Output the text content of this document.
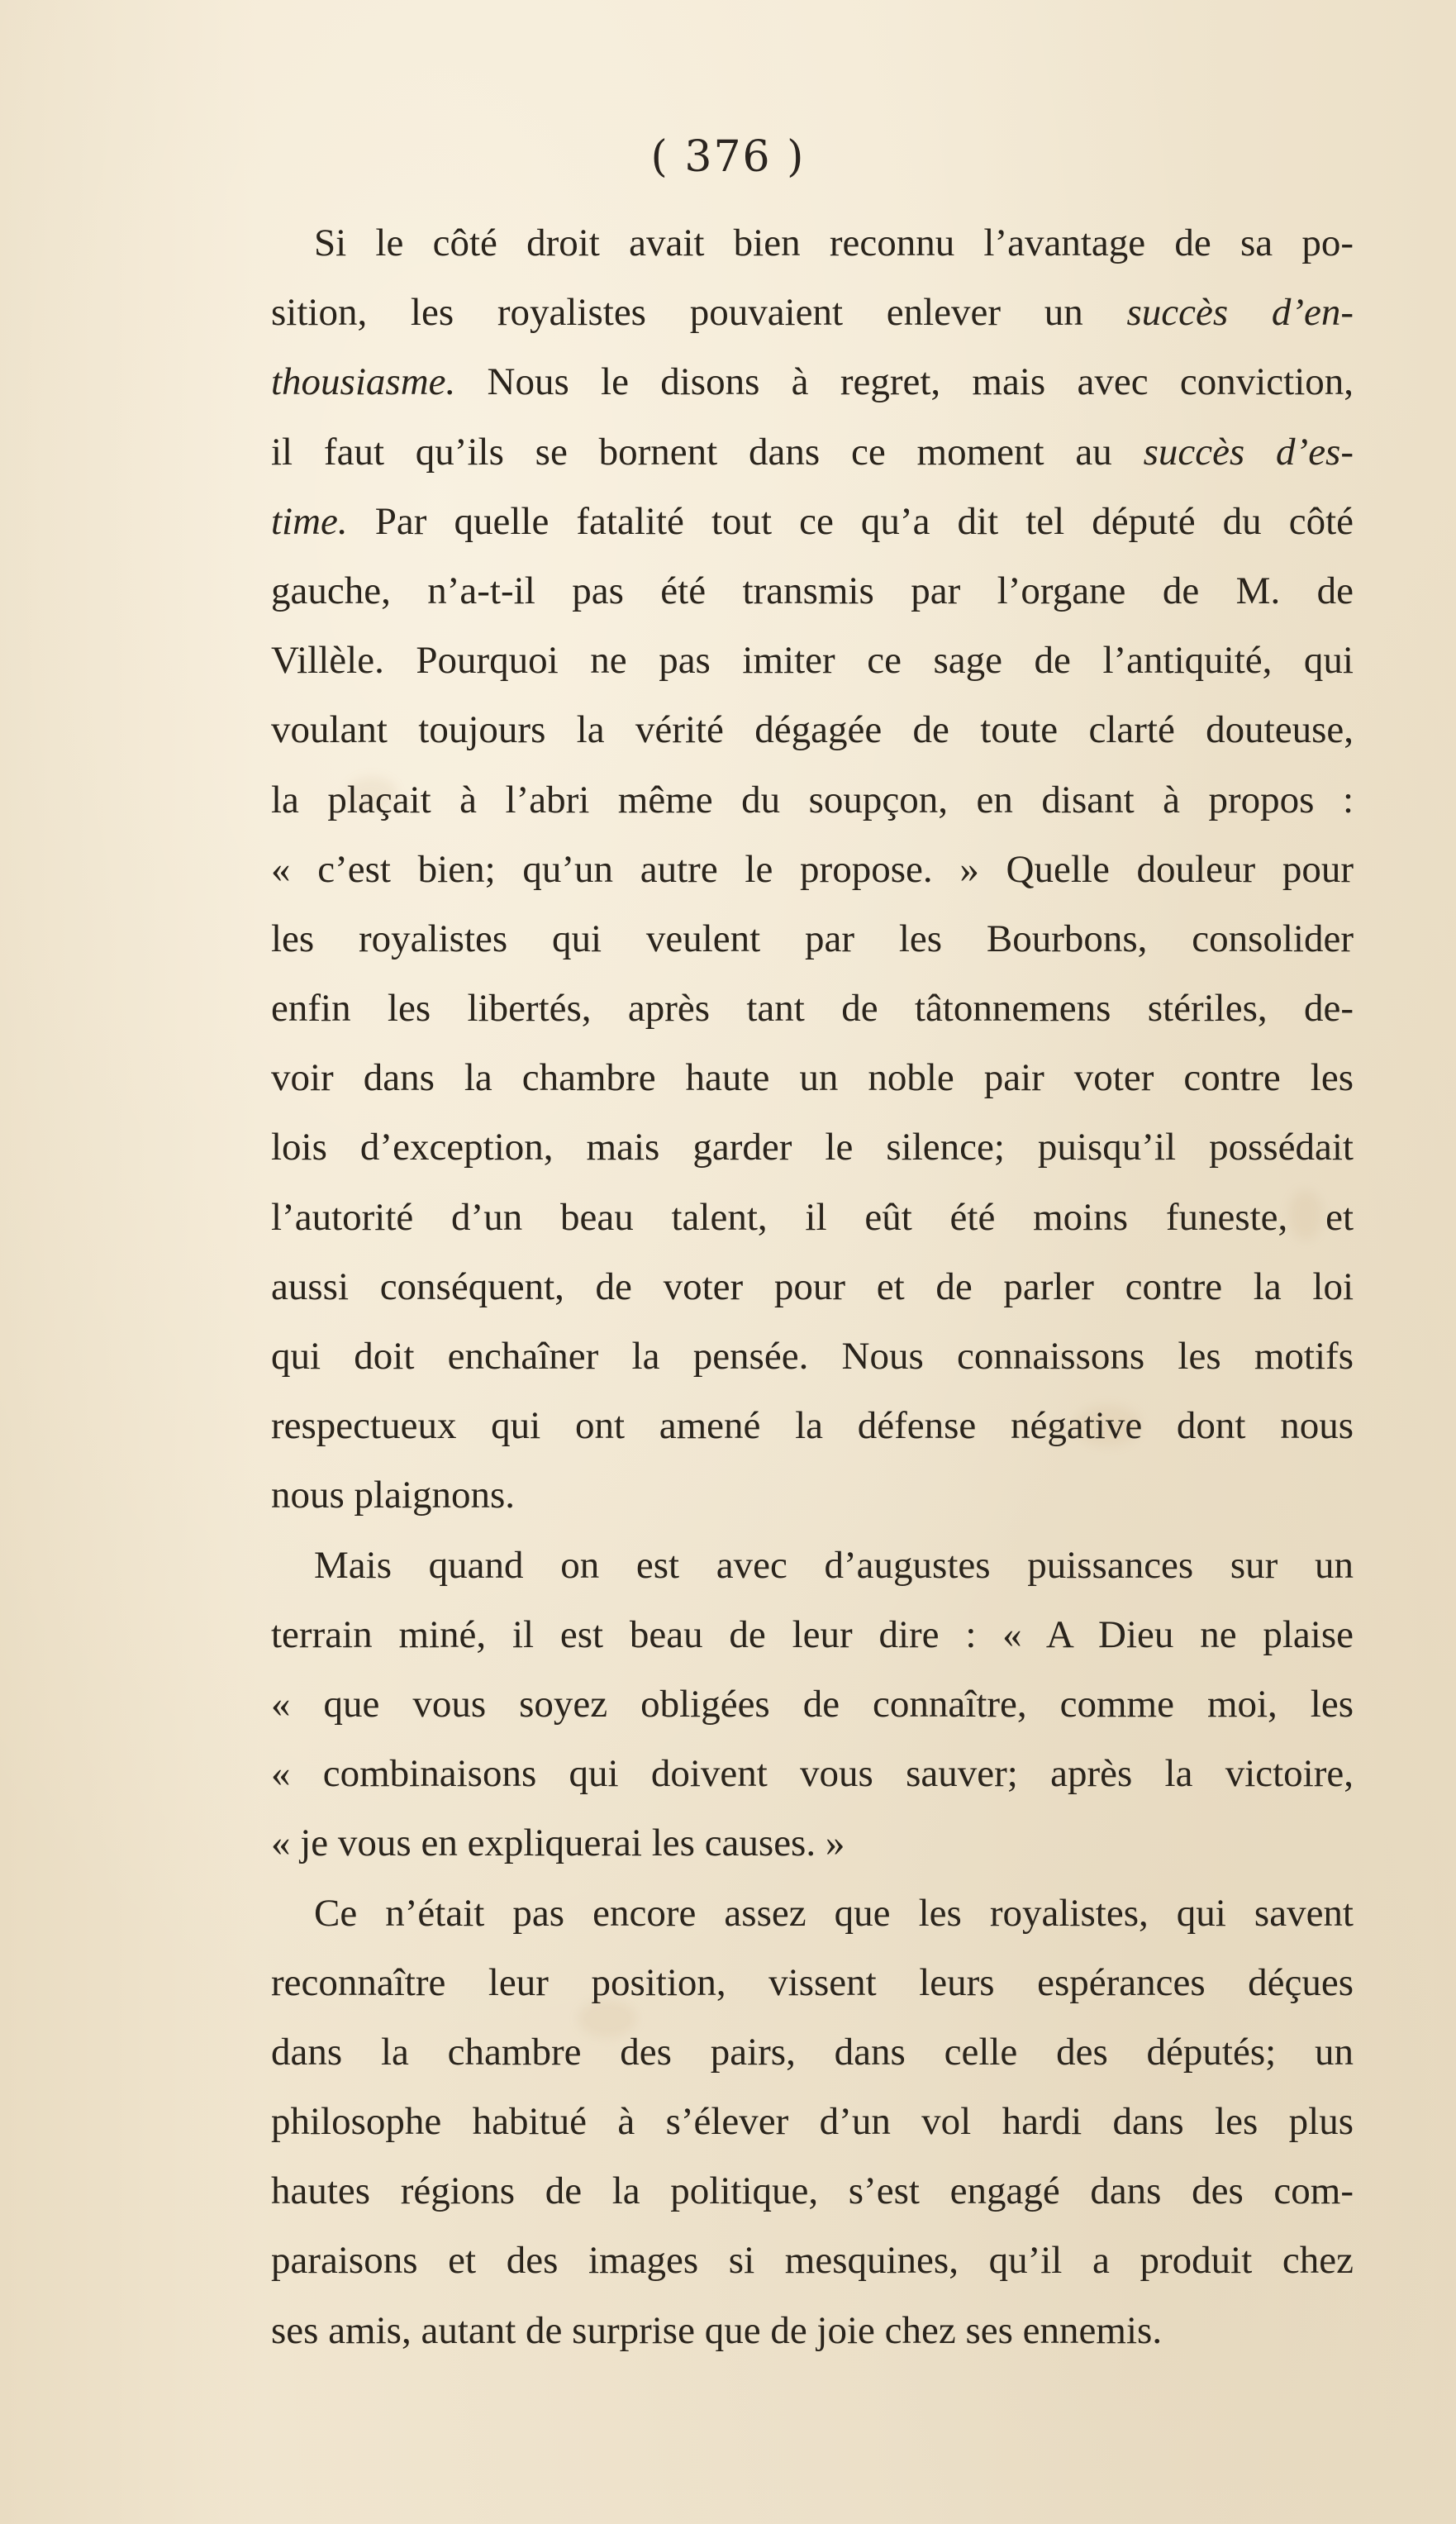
( 376 )
Si le côté droit avait bien reconnu l’avantage de sa po-
sition, les royalistes pouvaient enlever un succès d’en-
thousiasme. Nous le disons à regret, mais avec conviction,
il faut qu’ils se bornent dans ce moment au succès d’es-
time. Par quelle fatalité tout ce qu’a dit tel député du côté
gauche, n’a-t-il pas été transmis par l’organe de M. de
Villèle. Pourquoi ne pas imiter ce sage de l’antiquité, qui
voulant toujours la vérité dégagée de toute clarté douteuse,
la plaçait à l’abri même du soupçon, en disant à propos :
« c’est bien; qu’un autre le propose. » Quelle douleur pour
les royalistes qui veulent par les Bourbons, consolider
enfin les libertés, après tant de tâtonnemens stériles, de-
voir dans la chambre haute un noble pair voter contre les
lois d’exception, mais garder le silence; puisqu’il possédait
l’autorité d’un beau talent, il eût été moins funeste, et
aussi conséquent, de voter pour et de parler contre la loi
qui doit enchaîner la pensée. Nous connaissons les motifs
respectueux qui ont amené la défense négative dont nous
nous plaignons.
Mais quand on est avec d’augustes puissances sur un
terrain miné, il est beau de leur dire : « A Dieu ne plaise
« que vous soyez obligées de connaître, comme moi, les
« combinaisons qui doivent vous sauver; après la victoire,
« je vous en expliquerai les causes. »
Ce n’était pas encore assez que les royalistes, qui savent
reconnaître leur position, vissent leurs espérances déçues
dans la chambre des pairs, dans celle des députés; un
philosophe habitué à s’élever d’un vol hardi dans les plus
hautes régions de la politique, s’est engagé dans des com-
paraisons et des images si mesquines, qu’il a produit chez
ses amis, autant de surprise que de joie chez ses ennemis.
